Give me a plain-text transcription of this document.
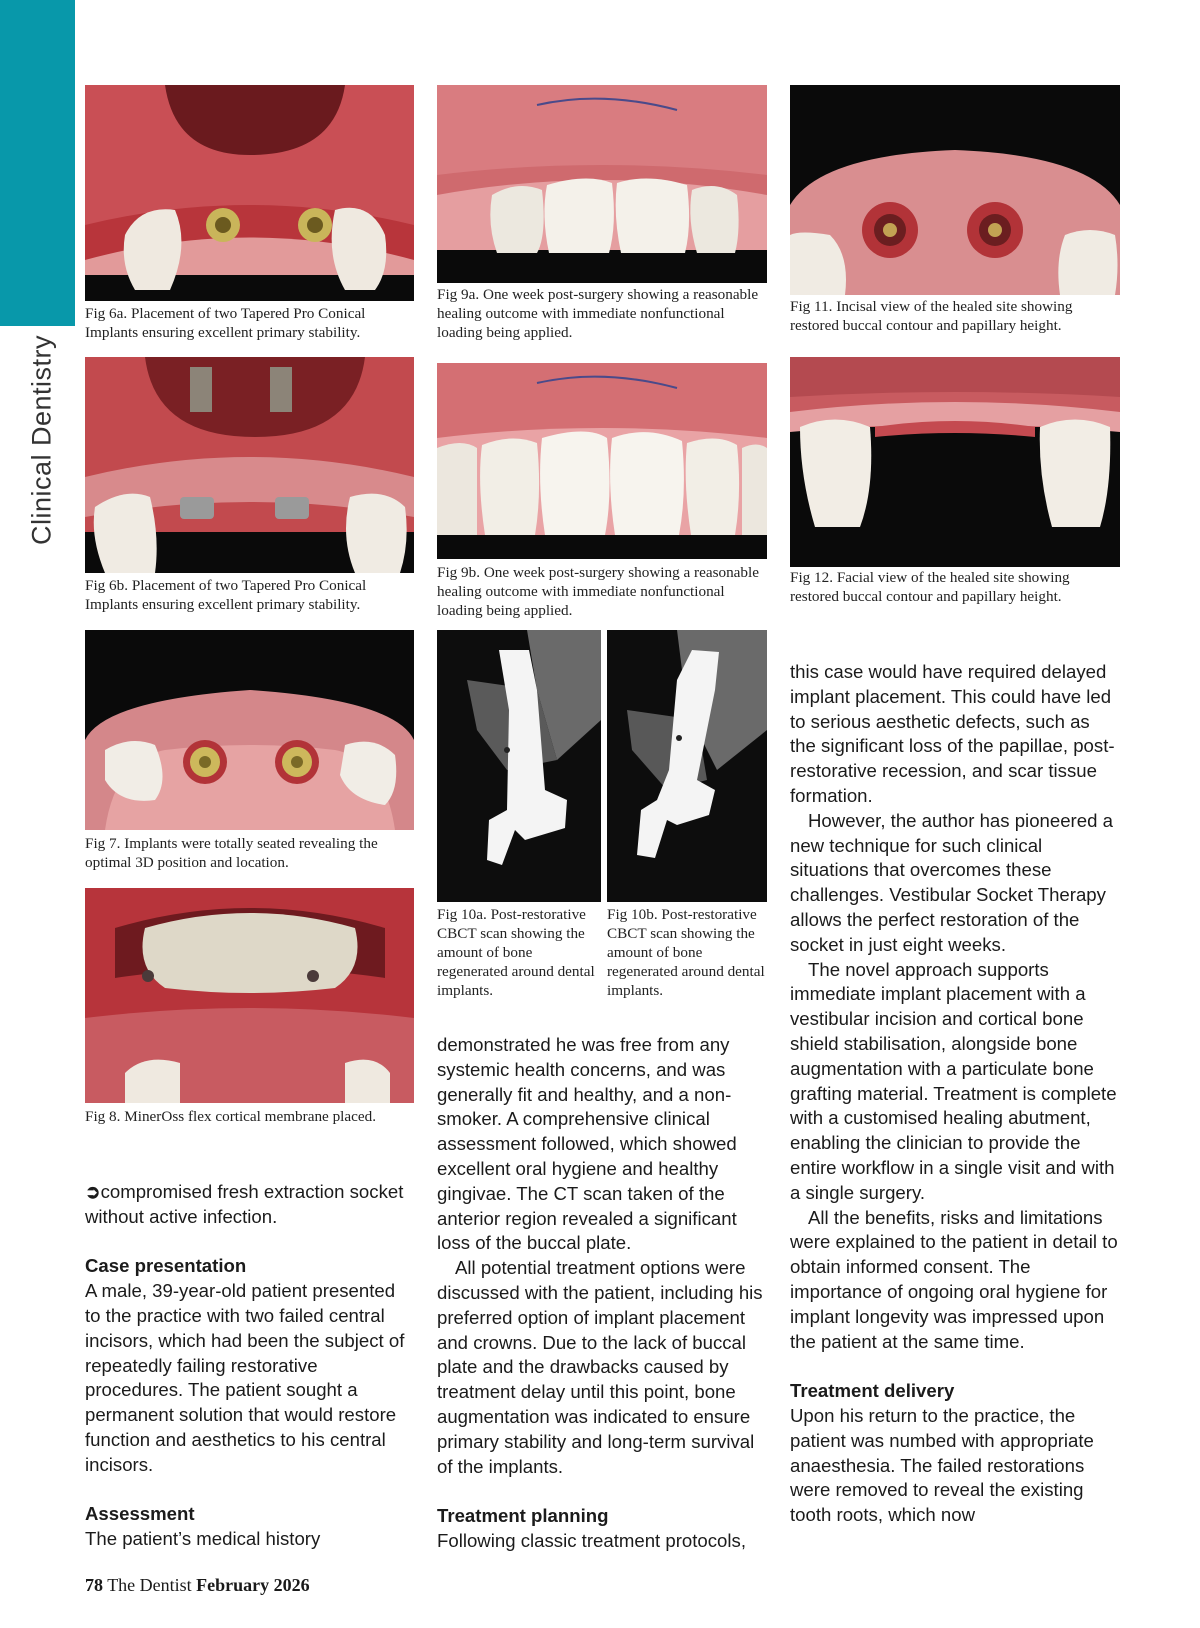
Clinical Dentistry
Fig 6a. Placement of two Tapered Pro Conical Implants ensuring excellent primary stability.
Fig 6b. Placement of two Tapered Pro Conical Implants ensuring excellent primary stability.
Fig 7. Implants were totally seated revealing the optimal 3D position and location.
Fig 8. MinerOss flex cortical membrane placed.
Fig 9a. One week post-surgery showing a reasonable healing outcome with immediate nonfunctional loading being applied.
Fig 9b. One week post-surgery showing a reasonable healing outcome with immediate nonfunctional loading being applied.
Fig 10a. Post-restorative CBCT scan showing the amount of bone regenerated around dental implants.
Fig 10b. Post-restorative CBCT scan showing the amount of bone regenerated around dental implants.
Fig 11. Incisal view of the healed site showing restored buccal contour and papillary height.
Fig 12. Facial view of the healed site showing restored buccal contour and papillary height.

➲compromised fresh extraction socket without active infection.

Case presentation

A male, 39-year-old patient presented to the practice with two failed central incisors, which had been the subject of repeatedly failing restorative procedures. The patient sought a permanent solution that would restore function and aesthetics to his central incisors.

Assessment

The patient’s medical history

demonstrated he was free from any systemic health concerns, and was generally fit and healthy, and a non-smoker. A comprehensive clinical assessment followed, which showed excellent oral hygiene and healthy gingivae. The CT scan taken of the anterior region revealed a significant loss of the buccal plate.

All potential treatment options were discussed with the patient, including his preferred option of implant placement and crowns. Due to the lack of buccal plate and the drawbacks caused by treatment delay until this point, bone augmentation was indicated to ensure primary stability and long-term survival of the implants.

Treatment planning

Following classic treatment protocols,

this case would have required delayed implant placement. This could have led to serious aesthetic defects, such as the significant loss of the papillae, post-restorative recession, and scar tissue formation.

However, the author has pioneered a new technique for such clinical situations that overcomes these challenges. Vestibular Socket Therapy allows the perfect restoration of the socket in just eight weeks.

The novel approach supports immediate implant placement with a vestibular incision and cortical bone shield stabilisation, alongside bone augmentation with a particulate bone grafting material. Treatment is complete with a customised healing abutment, enabling the clinician to provide the entire workflow in a single visit and with a single surgery.

All the benefits, risks and limitations were explained to the patient in detail to obtain informed consent. The importance of ongoing oral hygiene for implant longevity was impressed upon the patient at the same time.

Treatment delivery

Upon his return to the practice, the patient was numbed with appropriate anaesthesia. The failed restorations were removed to reveal the existing tooth roots, which now

78 The Dentist February 2026
